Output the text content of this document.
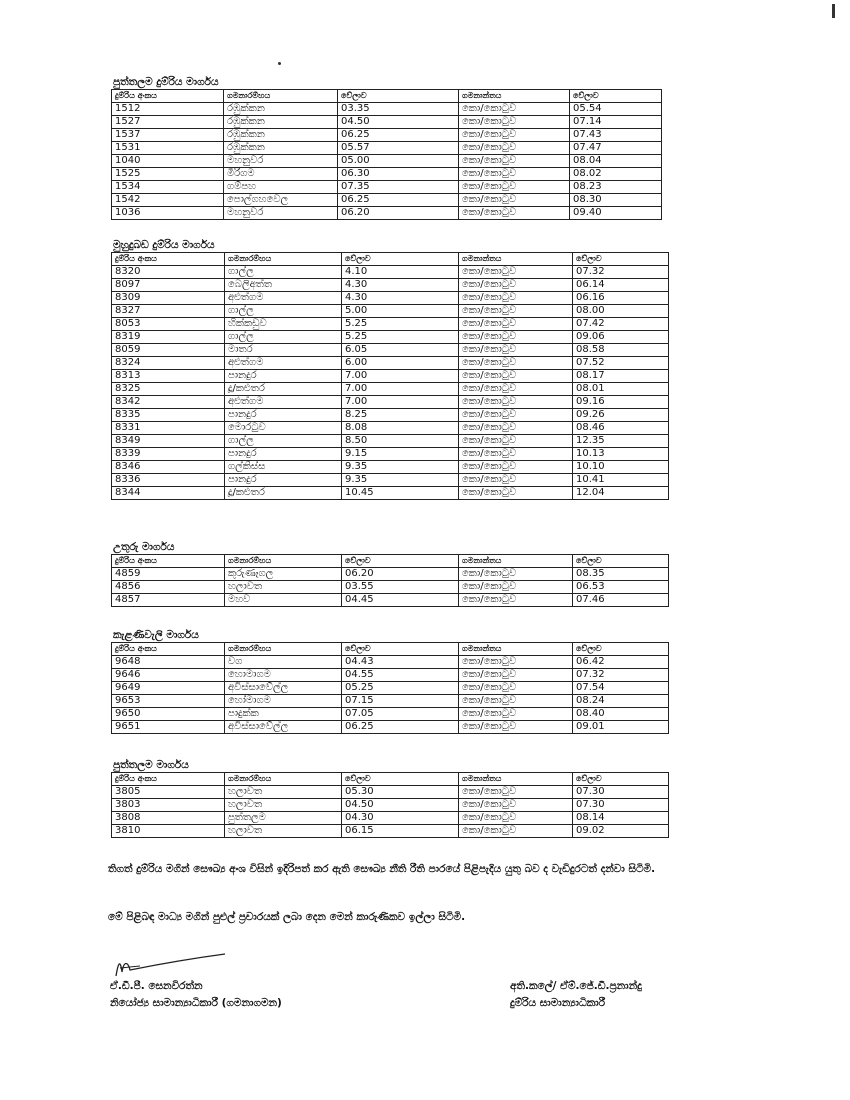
පුත්තලම දුම්රිය මාර්ගය
දුම්රිය අංකය	ගමනාරම්භය	වේලාව	ගමනාන්තය	වේලාව
1512	රඹුක්කන	03.35	කො/කොටුව	05.54
1527	රඹුක්කන	04.50	කො/කොටුව	07.14
1537	රඹුක්කන	06.25	කො/කොටුව	07.43
1531	රඹුක්කන	05.57	කො/කොටුව	07.47
1040	මහනුවර	05.00	කො/කොටුව	08.04
1525	මීරිගම	06.30	කො/කොටුව	08.02
1534	ගම්පහ	07.35	කො/කොටුව	08.23
1542	පොල්ගහවෙල	06.25	කො/කොටුව	08.30
1036	මහනුවර	06.20	කො/කොටුව	09.40
මුහුදුබඩ දුම්රිය මාර්ගය
දුම්රිය අංකය	ගමනාරම්භය	වේලාව	ගමනාන්තය	වේලාව
8320	ගාල්ල	4.10	කො/කොටුව	07.32
8097	බෙලිඅත්ත	4.30	කො/කොටුව	06.14
8309	අළුත්ගම	4.30	කො/කොටුව	06.16
8327	ගාල්ල	5.00	කො/කොටුව	08.00
8053	හික්කඩුව	5.25	කො/කොටුව	07.42
8319	ගාල්ල	5.25	කො/කොටුව	09.06
8059	මාතර	6.05	කො/කොටුව	08.58
8324	අළුත්ගම	6.00	කො/කොටුව	07.52
8313	පානදුර	7.00	කො/කොටුව	08.17
8325	දූ/කළුතර	7.00	කො/කොටුව	08.01
8342	අළුත්ගම	7.00	කො/කොටුව	09.16
8335	පානදුර	8.25	කො/කොටුව	09.26
8331	මොරටුව	8.08	කො/කොටුව	08.46
8349	ගාල්ල	8.50	කො/කොටුව	12.35
8339	පානදුර	9.15	කො/කොටුව	10.13
8346	ගල්කිස්ස	9.35	කො/කොටුව	10.10
8336	පානදුර	9.35	කො/කොටුව	10.41
8344	දූ/කළුතර	10.45	කො/කොටුව	12.04
උතුරු මාර්ගය
දුම්රිය අංකය	ගමනාරම්භය	වේලාව	ගමනාන්තය	වේලාව
4859	කුරුණෑගල	06.20	කො/කොටුව	08.35
4856	හලාවත	03.55	කො/කොටුව	06.53
4857	මහව	04.45	කො/කොටුව	07.46
කැළණිවැලි මාර්ගය
දුම්රිය අංකය	ගමනාරම්භය	වේලාව	ගමනාන්තය	වේලාව
9648	වග	04.43	කො/කොටුව	06.42
9646	හොමාගම	04.55	කො/කොටුව	07.32
9649	අවිස්සාවේල්ල	05.25	කො/කොටුව	07.54
9653	හෝමාගම	07.15	කො/කොටුව	08.24
9650	පාදුක්ක	07.05	කො/කොටුව	08.40
9651	අවිස්සාවේල්ල	06.25	කො/කොටුව	09.01
පුත්තලම මාර්ගය
දුම්රිය අංකය	ගමනාරම්භය	වේලාව	ගමනාන්තය	වේලාව
3805	හලාවත	05.30	කො/කොටුව	07.30
3803	හලාවත	04.50	කො/කොටුව	07.30
3808	පුත්තලම	04.30	කො/කොටුව	08.14
3810	හලාවත	06.15	කො/කොටුව	09.02
තිගත් දුම්රිය මගින් සෞඛ්‍ය අංශ විසින් ඉදිරිපත් කර ඇති සෞඛ්‍ය නීති රීති පාරයේ පිළිපැදිය යුතු බව ද වැඩිදුරටත් දන්වා සිටිමි.
මේ පිළිබඳ මාධ්‍ය මගින් පුළුල් ප්‍රචාරයක් ලබා දෙන මෙන් කාරුණිකව ඉල්ලා සිටිමි.
ඒ.ඩී.පී. සෙනවිරත්න
නියෝජ්‍ය සාමාන්‍යාධිකාරී (ගමනාගමන)
අති.කලේ/ ඒම්.ජේ.ඩී.ප්‍රනාන්දු
දුම්රිය සාමාන්‍යාධිකාරී
